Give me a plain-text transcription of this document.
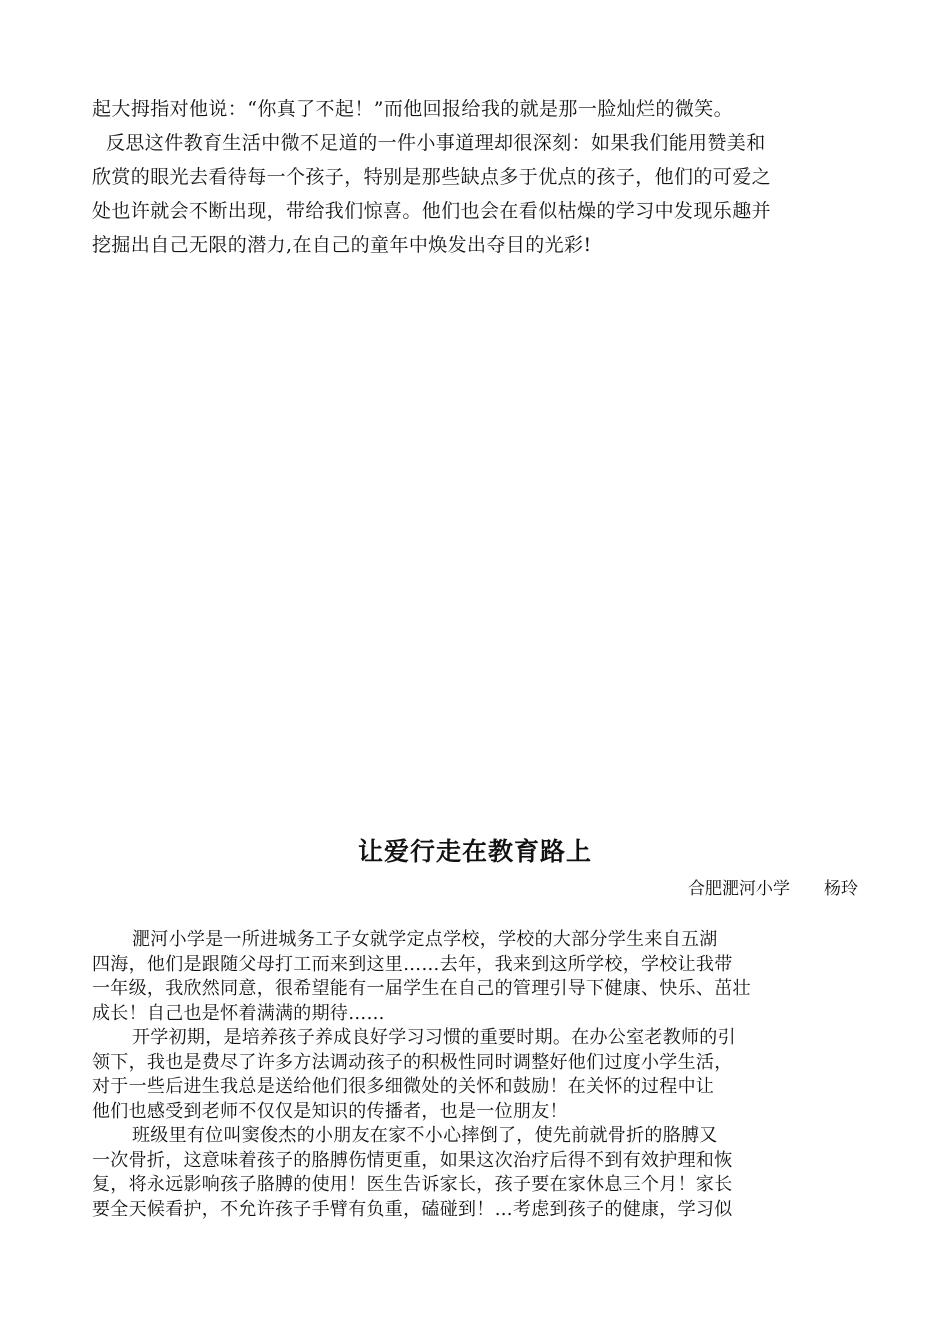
起大拇指对他说：“你真了不起！”而他回报给我的就是那一脸灿烂的微笑。
反思这件教育生活中微不足道的一件小事道理却很深刻：如果我们能用赞美和
欣赏的眼光去看待每一个孩子，特别是那些缺点多于优点的孩子，他们的可爱之
处也许就会不断出现，带给我们惊喜。他们也会在看似枯燥的学习中发现乐趣并
挖掘出自己无限的潜力,在自己的童年中焕发出夺目的光彩!
让爱行走在教育路上
合肥淝河小学 杨玲
淝河小学是一所进城务工子女就学定点学校，学校的大部分学生来自五湖
四海，他们是跟随父母打工而来到这里……去年，我来到这所学校，学校让我带
一年级，我欣然同意，很希望能有一届学生在自己的管理引导下健康、快乐、茁壮
成长！自己也是怀着满满的期待……
开学初期，是培养孩子养成良好学习习惯的重要时期。在办公室老教师的引
领下，我也是费尽了许多方法调动孩子的积极性同时调整好他们过度小学生活，
对于一些后进生我总是送给他们很多细微处的关怀和鼓励！在关怀的过程中让
他们也感受到老师不仅仅是知识的传播者，也是一位朋友！
班级里有位叫窦俊杰的小朋友在家不小心摔倒了，使先前就骨折的胳膊又
一次骨折，这意味着孩子的胳膊伤情更重，如果这次治疗后得不到有效护理和恢
复，将永远影响孩子胳膊的使用！医生告诉家长，孩子要在家休息三个月！家长
要全天候看护，不允许孩子手臂有负重，磕碰到！…考虑到孩子的健康，学习似
